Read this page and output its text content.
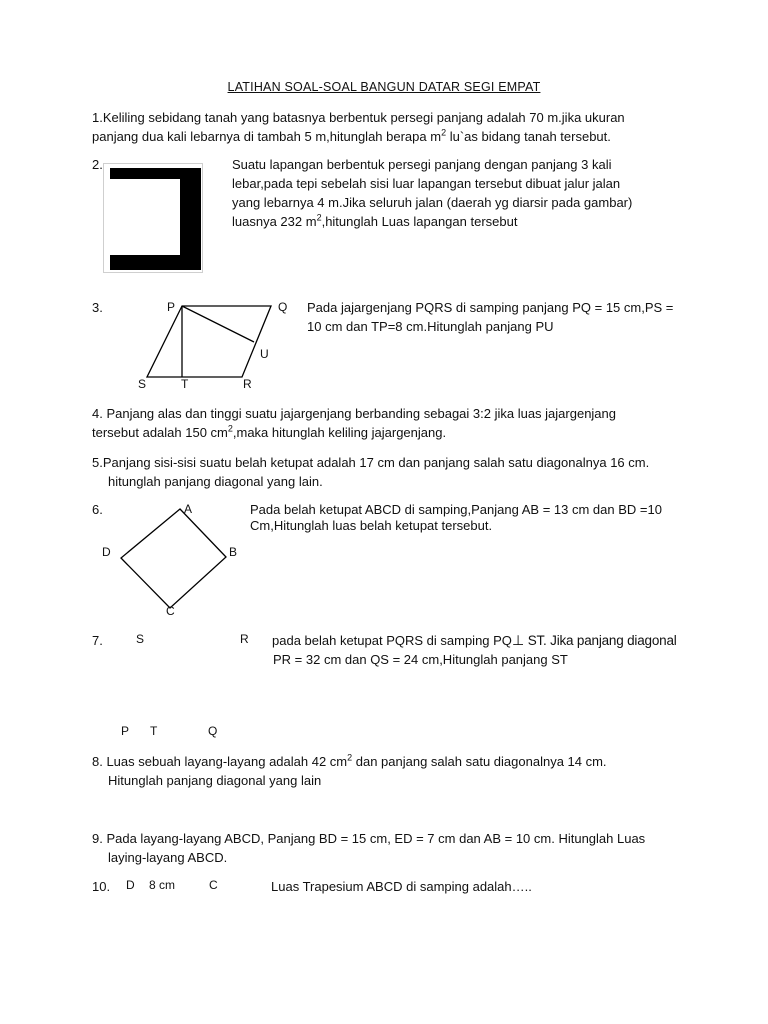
LATIHAN SOAL-SOAL BANGUN DATAR SEGI EMPAT
1.Keliling sebidang tanah yang batasnya berbentuk persegi panjang adalah 70 m.jika ukuran
panjang dua kali lebarnya di tambah 5 m,hitunglah berapa $m^2$ lu`as bidang tanah tersebut.
2.	Suatu lapangan berbentuk persegi panjang dengan panjang 3 kali
lebar,pada tepi sebelah sisi luar lapangan tersebut dibuat jalur jalan
yang lebarnya 4 m.Jika seluruh jalan (daerah yg diarsir pada gambar)
luasnya 232 $m^2,hitunglah$ Luas lapangan tersebut
3.	Pada jajargenjang PQRS di samping panjang PQ = 15 cm,PS =
10 cm dan TP=8 cm.Hitunglah panjang PU
P	Q
U
S	T	R
4. Panjang alas dan tinggi suatu jajargenjang berbanding sebagai 3:2 jika luas jajargenjang
tersebut adalah 150 $cm^2,maka$ hitunglah keliling jajargenjang.
5.Panjang sisi-sisi suatu belah ketupat adalah 17 cm dan panjang salah satu diagonalnya 16 cm.
hitunglah panjang diagonal yang lain.
6.	Pada belah ketupat ABCD di samping,Panjang AB = 13 cm dan BD =10
Cm,Hitunglah luas belah ketupat tersebut.
A
B
C
D
7.	S	R pada belah ketupat PQRS di samping PQ⊥ ST. Jika panjang diagonal
PR = 32 cm dan QS = 24 cm,Hitunglah panjang ST
P T	Q
8. Luas sebuah layang-layang adalah 42 $cm^2$ dan panjang salah satu diagonalnya 14 cm.
Hitunglah panjang diagonal yang lain
9. Pada layang-layang ABCD, Panjang BD = 15 cm, ED = 7 cm dan AB = 10 cm. Hitunglah Luas
laying-layang ABCD.
10. D 8 cm	C	Luas Trapesium ABCD di samping adalah…..
